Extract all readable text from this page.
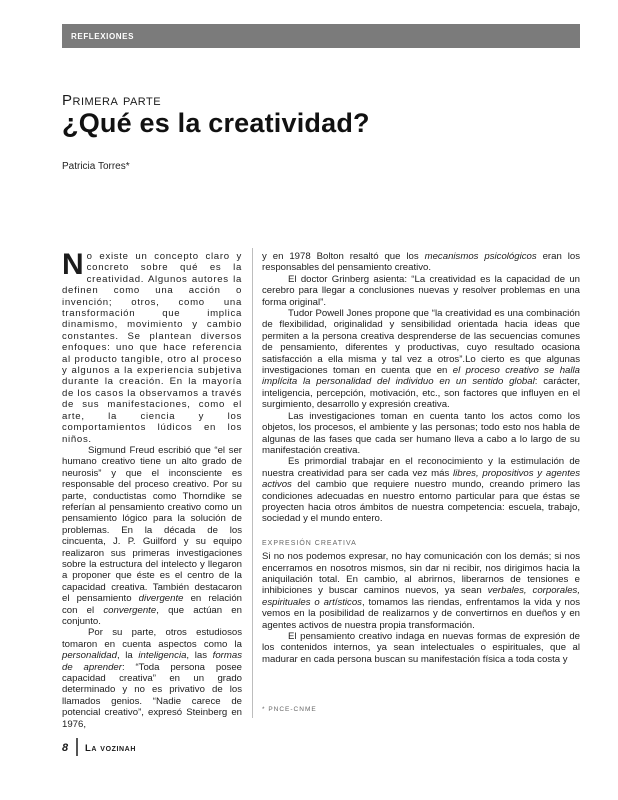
reflexiones
Primera parte
¿Qué es la creatividad?
Patricia Torres*

No existe un concepto claro y concreto sobre qué es la creatividad. Algunos autores la definen como una acción o invención; otros, como una transformación que implica dinamismo, movimiento y cambio constantes. Se plantean diversos enfoques: uno que hace referencia al producto tangible, otro al proceso y algunos a la experiencia subjetiva durante la creación. En la mayoría de los casos la observamos a través de sus manifestaciones, como el arte, la ciencia y los comportamientos lúdicos en los niños.

Sigmund Freud escribió que “el ser humano creativo tiene un alto grado de neurosis” y que el inconsciente es responsable del proceso creativo. Por su parte, conductistas como Thorndike se referían al pensamiento creativo como un pensamiento lógico para la solución de problemas. En la década de los cincuenta, J. P. Guilford y su equipo realizaron sus primeras investigaciones sobre la estructura del intelecto y llegaron a proponer que éste es el centro de la capacidad creativa. También destacaron el pensamiento divergente en relación con el convergente, que actúan en conjunto.

Por su parte, otros estudiosos tomaron en cuenta aspectos como la personalidad, la inteligencia, las formas de aprender: “Toda persona posee capacidad creativa” en un grado determinado y no es privativo de los llamados genios. “Nadie carece de potencial creativo”, expresó Steinberg en 1976,

y en 1978 Bolton resaltó que los mecanismos psicológicos eran los responsables del pensamiento creativo.

El doctor Grinberg asienta: “La creatividad es la capacidad de un cerebro para llegar a conclusiones nuevas y resolver problemas en una forma original”.

Tudor Powell Jones propone que “la creatividad es una combinación de flexibilidad, originalidad y sensibilidad orientada hacia ideas que permiten a la persona creativa desprenderse de las secuencias comunes de pensamiento, diferentes y productivas, cuyo resultado ocasiona satisfacción a ella misma y tal vez a otros”.Lo cierto es que algunas investigaciones toman en cuenta que en el proceso creativo se halla implícita la personalidad del individuo en un sentido global: carácter, inteligencia, percepción, motivación, etc., son factores que influyen en el surgimiento, desarrollo y expresión creativa.

Las investigaciones toman en cuenta tanto los actos como los objetos, los procesos, el ambiente y las personas; todo esto nos habla de algunas de las fases que cada ser humano lleva a cabo a lo largo de su manifestación creativa.

Es primordial trabajar en el reconocimiento y la estimulación de nuestra creatividad para ser cada vez más libres, propositivos y agentes activos del cambio que requiere nuestro mundo, creando primero las condiciones adecuadas en nuestro entorno particular para que éstas se proyecten hacia otros ámbitos de nuestra competencia: escuela, trabajo, sociedad y el mundo entero.

EXPRESIÓN CREATIVA

Si no nos podemos expresar, no hay comunicación con los demás; si nos encerramos en nosotros mismos, sin dar ni recibir, nos dirigimos hacia la aniquilación total. En cambio, al abrirnos, liberarnos de tensiones e inhibiciones y buscar caminos nuevos, ya sean verbales, corporales, espirituales o artísticos, tomamos las riendas, enfrentamos la vida y nos vemos en la posibilidad de realizarnos y de convertirnos en dueños y en agentes activos de nuestra propia transformación.

El pensamiento creativo indaga en nuevas formas de expresión de los contenidos internos, ya sean intelectuales o espirituales, que al madurar en cada persona buscan su manifestación física a toda costa y

* PNCE-CNME
8 La vozinah
